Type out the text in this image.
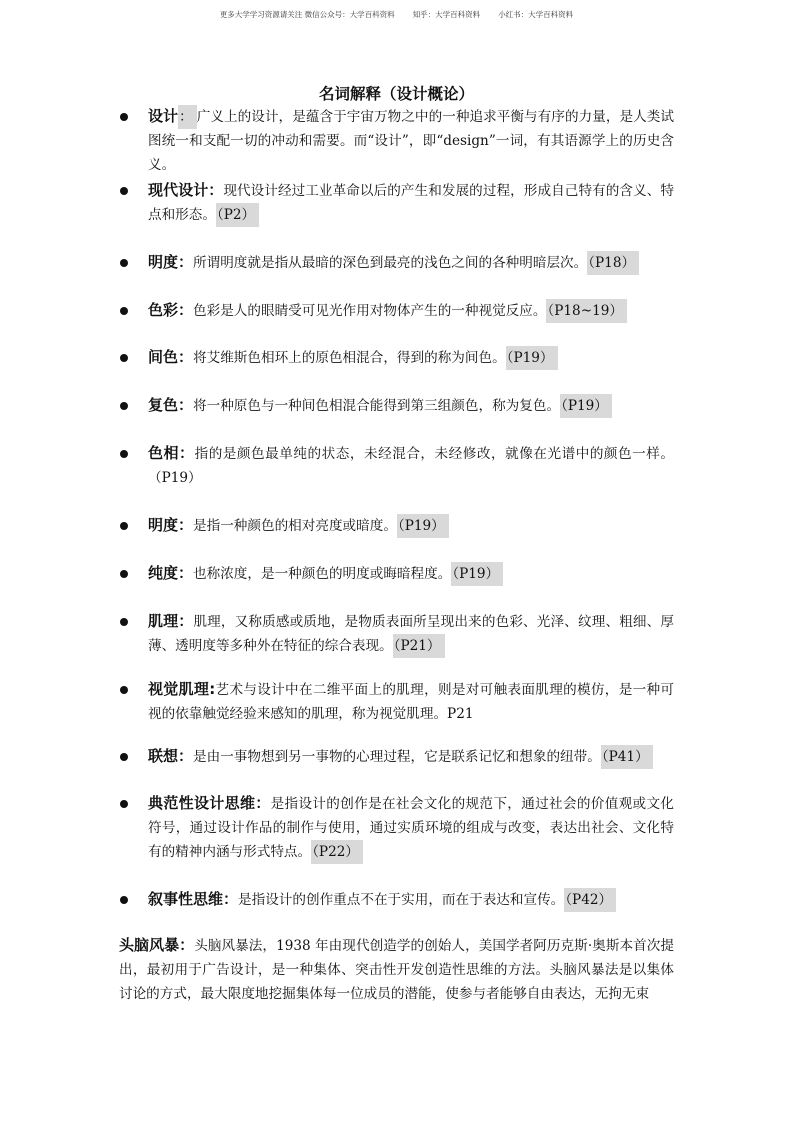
更多大学学习资源请关注 微信公众号：大学百科资料 知乎：大学百科资料 小红书：大学百科资料
名词解释（设计概论）
设计： 广义上的设计，是蕴含于宇宙万物之中的一种追求平衡与有序的力量，是人类试图统一和支配一切的冲动和需要。而“设计”，即“design”一词，有其语源学上的历史含义。
现代设计：现代设计经过工业革命以后的产生和发展的过程，形成自己特有的含义、特点和形态。（P2）
明度：所谓明度就是指从最暗的深色到最亮的浅色之间的各种明暗层次。（P18）
色彩：色彩是人的眼睛受可见光作用对物体产生的一种视觉反应。（P18~19）
间色：将艾维斯色相环上的原色相混合，得到的称为间色。（P19）
复色：将一种原色与一种间色相混合能得到第三组颜色，称为复色。（P19）
色相：指的是颜色最单纯的状态，未经混合，未经修改，就像在光谱中的颜色一样。（P19）
明度：是指一种颜色的相对亮度或暗度。（P19）
纯度：也称浓度，是一种颜色的明度或晦暗程度。（P19）
肌理：肌理，又称质感或质地，是物质表面所呈现出来的色彩、光泽、纹理、粗细、厚薄、透明度等多种外在特征的综合表现。（P21）
视觉肌理:艺术与设计中在二维平面上的肌理，则是对可触表面肌理的模仿，是一种可视的依靠触觉经验来感知的肌理，称为视觉肌理。P21
联想：是由一事物想到另一事物的心理过程，它是联系记忆和想象的纽带。（P41）
典范性设计思维：是指设计的创作是在社会文化的规范下，通过社会的价值观或文化符号，通过设计作品的制作与使用，通过实质环境的组成与改变，表达出社会、文化特有的精神内涵与形式特点。（P22）
叙事性思维：是指设计的创作重点不在于实用，而在于表达和宣传。（P42）
头脑风暴：头脑风暴法，1938 年由现代创造学的创始人，美国学者阿历克斯·奥斯本首次提出，最初用于广告设计，是一种集体、突击性开发创造性思维的方法。头脑风暴法是以集体讨论的方式，最大限度地挖掘集体每一位成员的潜能，使参与者能够自由表达，无拘无束
